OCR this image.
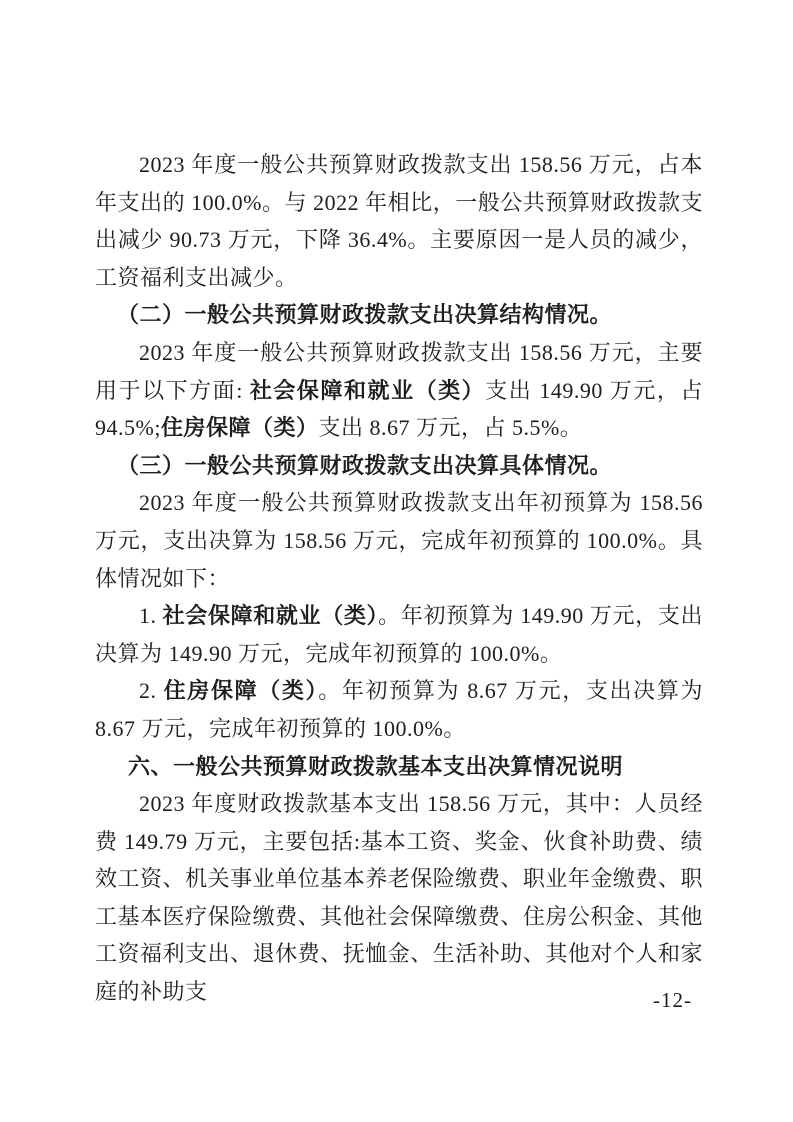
2023 年度一般公共预算财政拨款支出 158.56 万元，占本年支出的 100.0%。与 2022 年相比，一般公共预算财政拨款支出减少 90.73 万元，下降 36.4%。主要原因一是人员的减少，工资福利支出减少。

（二）一般公共预算财政拨款支出决算结构情况。

2023 年度一般公共预算财政拨款支出 158.56 万元，主要用于以下方面: 社会保障和就业（类）支出 149.90 万元，占 94.5%;住房保障（类）支出 8.67 万元，占 5.5%。

（三）一般公共预算财政拨款支出决算具体情况。

2023 年度一般公共预算财政拨款支出年初预算为 158.56 万元，支出决算为 158.56 万元，完成年初预算的 100.0%。具体情况如下：

1. 社会保障和就业（类）。年初预算为 149.90 万元，支出决算为 149.90 万元，完成年初预算的 100.0%。

2. 住房保障（类）。年初预算为 8.67 万元，支出决算为 8.67 万元，完成年初预算的 100.0%。

六、一般公共预算财政拨款基本支出决算情况说明

2023 年度财政拨款基本支出 158.56 万元，其中：人员经费 149.79 万元，主要包括:基本工资、奖金、伙食补助费、绩效工资、机关事业单位基本养老保险缴费、职业年金缴费、职工基本医疗保险缴费、其他社会保障缴费、住房公积金、其他工资福利支出、退休费、抚恤金、生活补助、其他对个人和家庭的补助支	-12-
